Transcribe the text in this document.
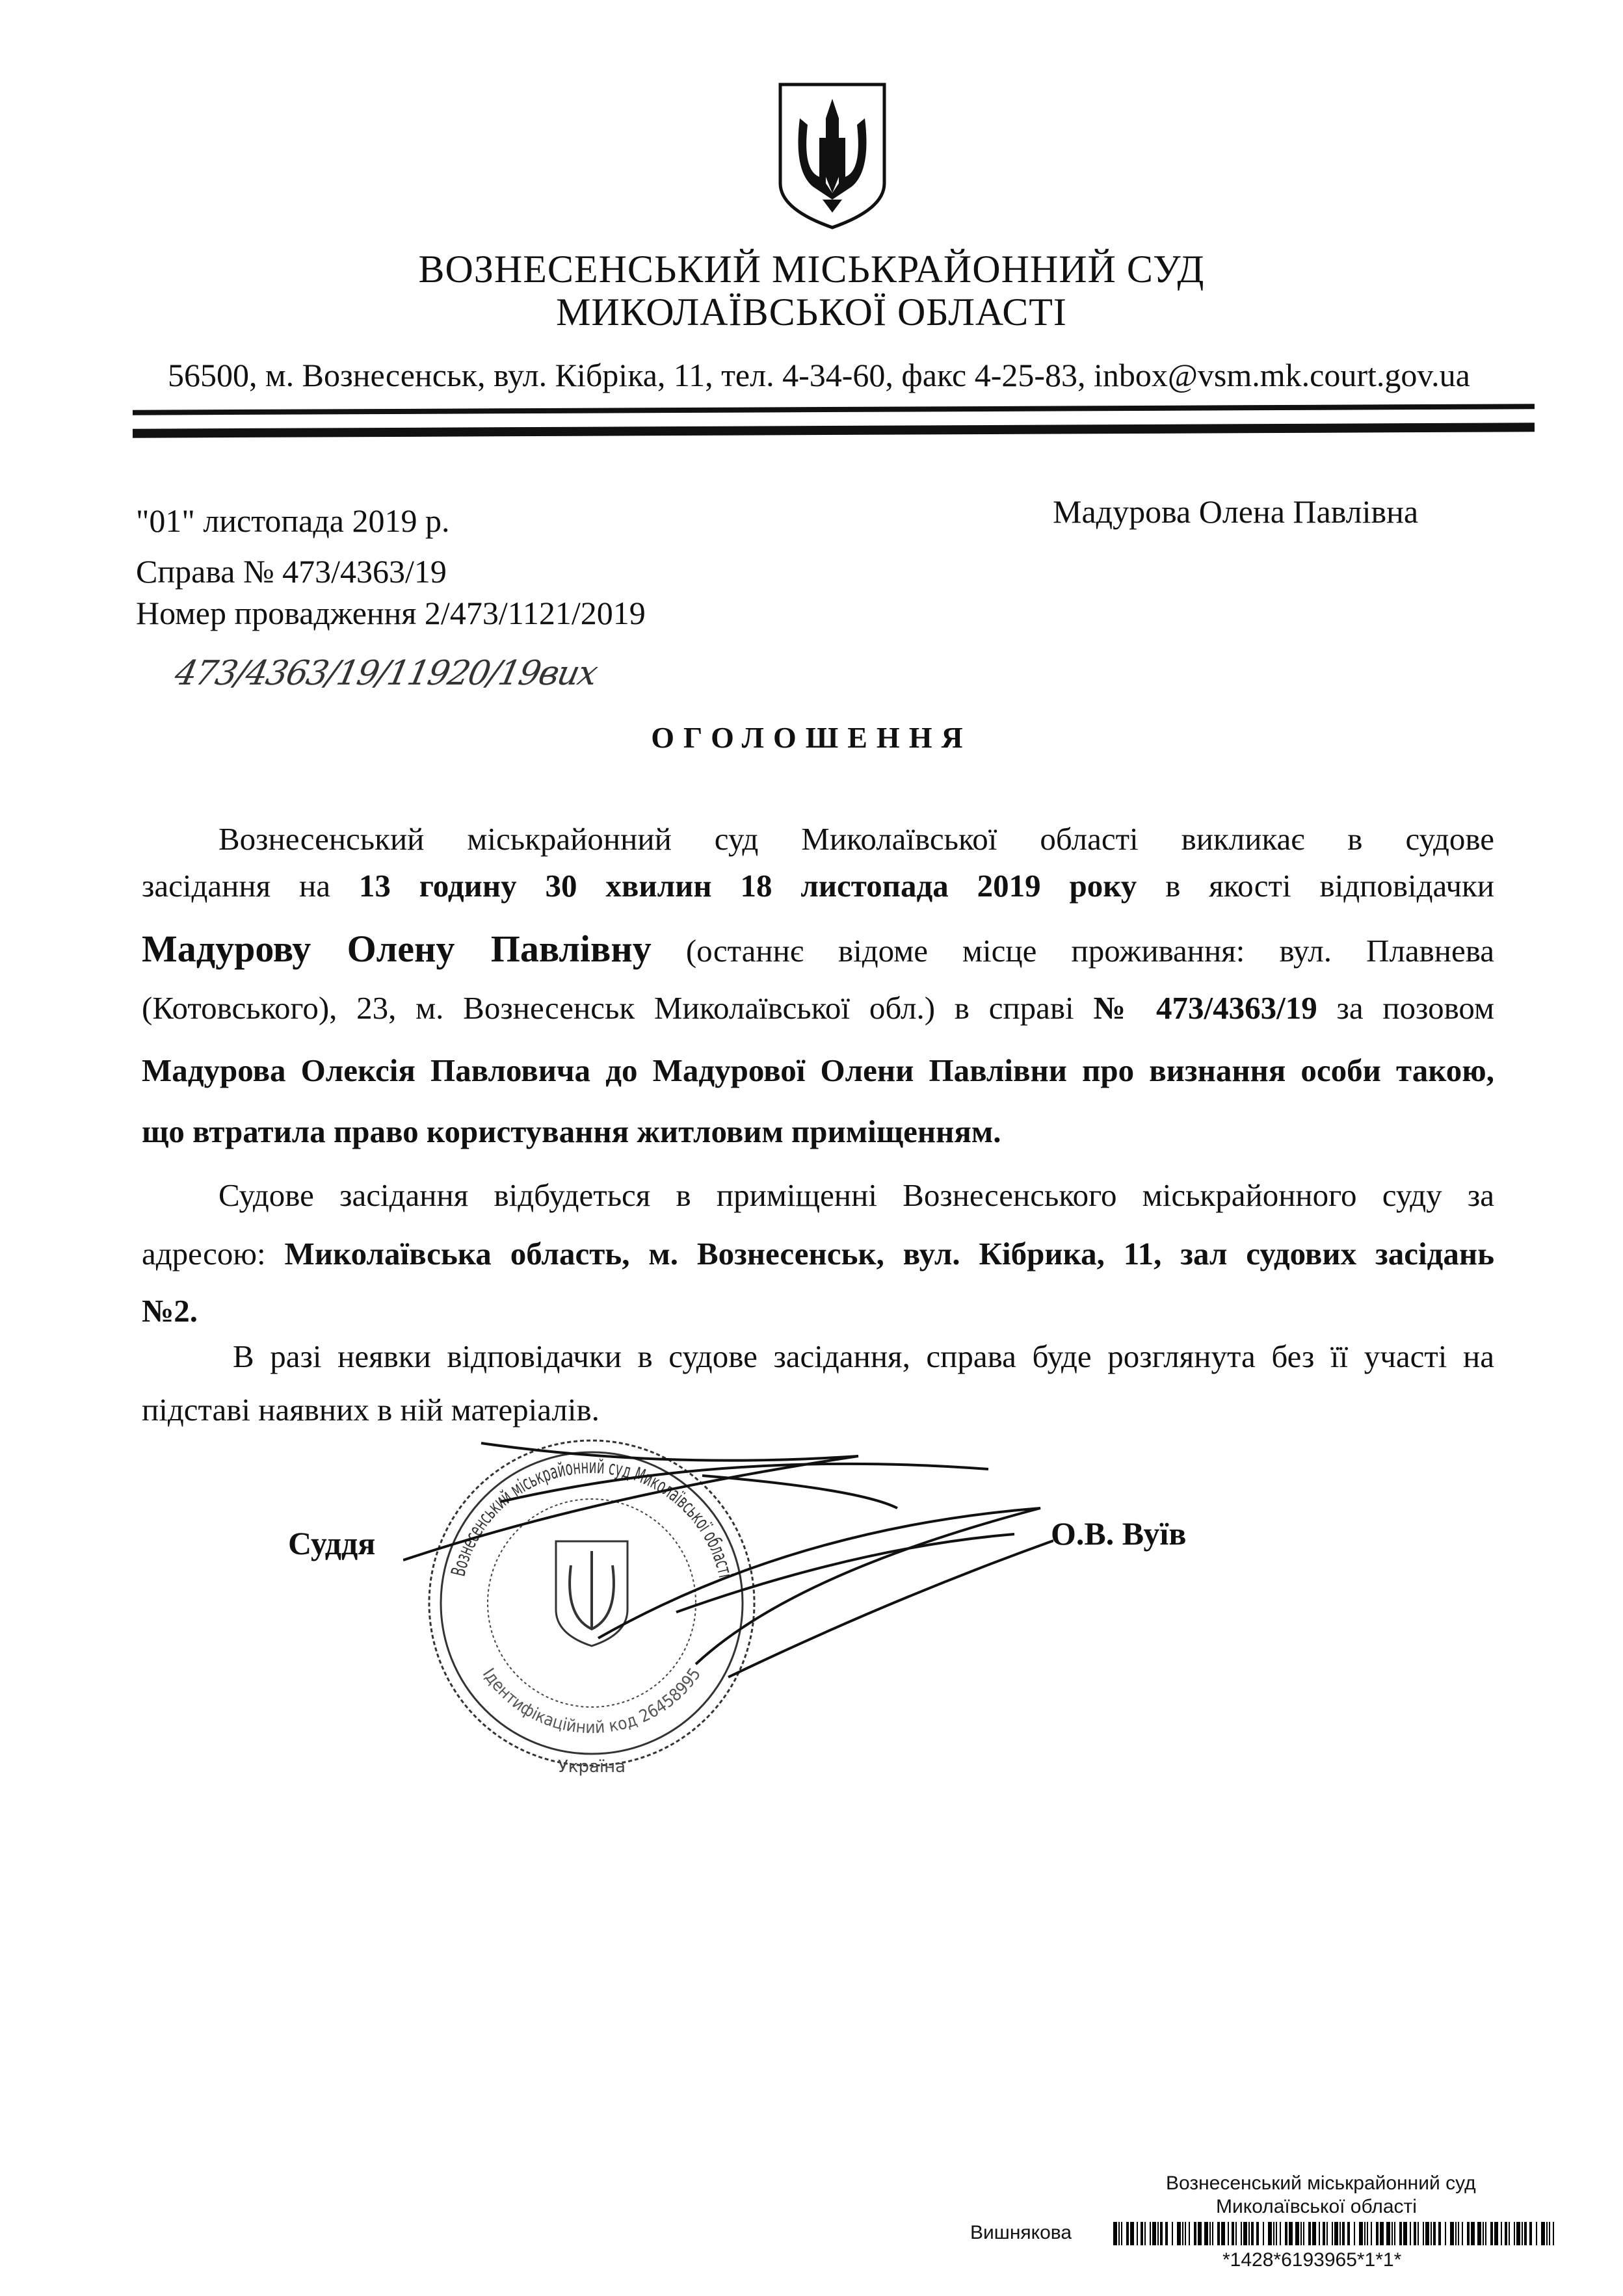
ВОЗНЕСЕНСЬКИЙ МІСЬКРАЙОННИЙ СУД
МИКОЛАЇВСЬКОЇ ОБЛАСТІ
56500, м. Вознесенськ, вул. Кібріка, 11, тел. 4-34-60, факс 4-25-83, inbox@vsm.mk.court.gov.ua
"01" листопада 2019 р.
Справа № 473/4363/19
Номер провадження 2/473/1121/2019
473/4363/19/11920/19вих
Мадурова Олена Павлівна
ОГОЛОШЕННЯ
Вознесенський міськрайонний суд Миколаївської області викликає в судове
засідання на 13 годину 30 хвилин 18 листопада 2019 року в якості відповідачки
Мадурову Олену Павлівну (останнє відоме місце проживання: вул. Плавнева
(Котовського), 23, м. Вознесенськ Миколаївської обл.) в справі № 473/4363/19 за позовом
Мадурова Олексія Павловича до Мадурової Олени Павлівни про визнання особи такою,
що втратила право користування житловим приміщенням.
Судове засідання відбудеться в приміщенні Вознесенського міськрайонного суду за
адресою: Миколаївська область, м. Вознесенськ, вул. Кібрика, 11, зал судових засідань
№2.
В разі неявки відповідачки в судове засідання, справа буде розглянута без її участі на
підставі наявних в ній матеріалів.
Вознесенський міськрайонний суд Миколаївської області
Ідентифікаційний код 26458995
Україна
Суддя	О.В. Вуїв
Вознесенський міськрайонний суд
Миколаївської області
Вишнякова
*1428*6193965*1*1*
